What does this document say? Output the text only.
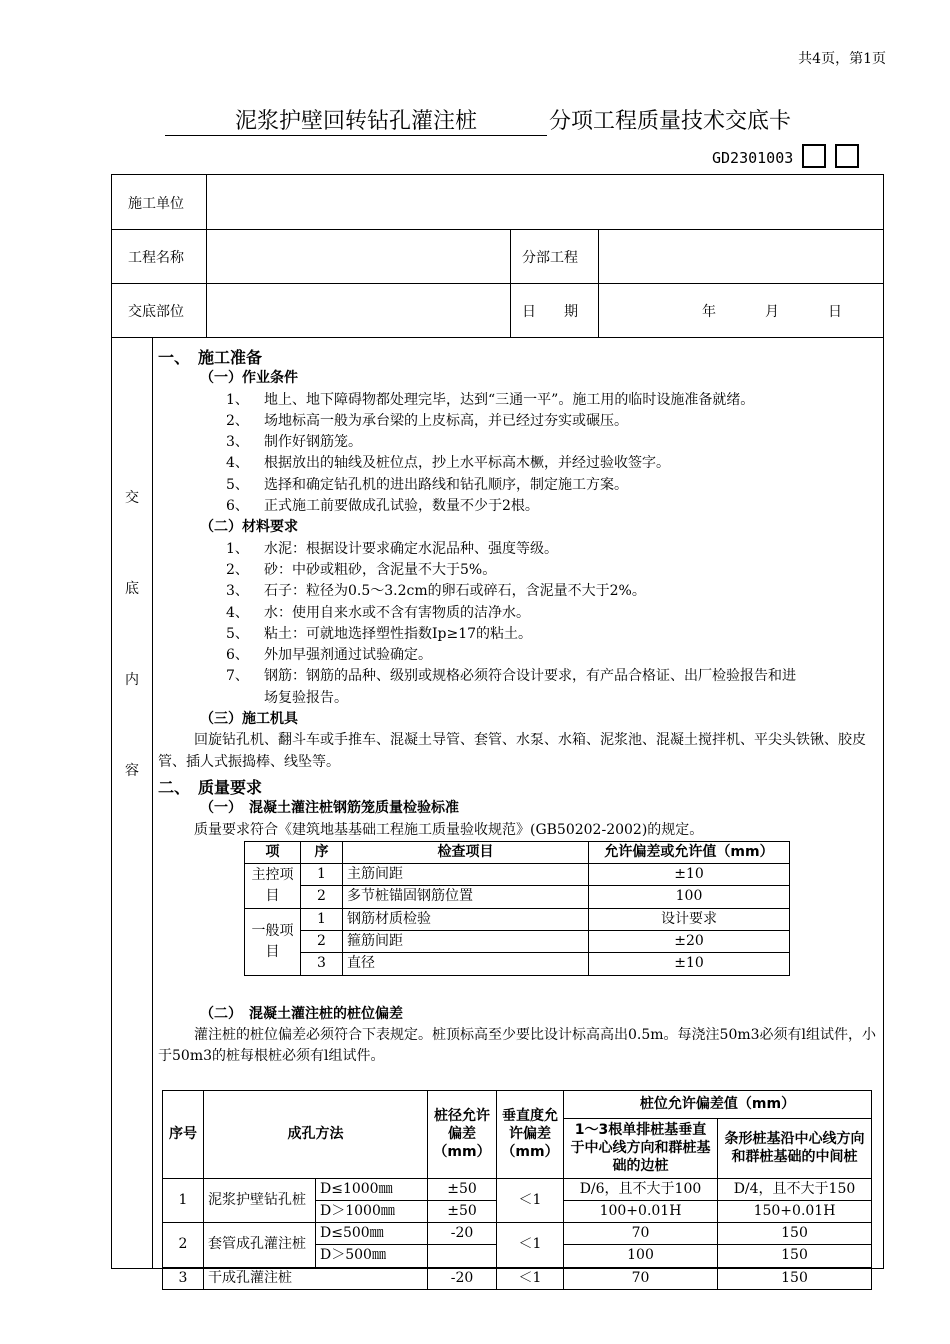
共4页，第1页
泥浆护壁回转钻孔灌注桩	分项工程质量技术交底卡
GD2301003
施工单位
工程名称	分部工程
交底部位	日　　期	年	月	日
交
底
内
容
一、　施工准备
（一）作业条件
1、 地上、地下障碍物都处理完毕，达到“三通一平”。施工用的临时设施准备就绪。
2、 场地标高一般为承台梁的上皮标高，并已经过夯实或碾压。
3、 制作好钢筋笼。
4、 根据放出的轴线及桩位点，抄上水平标高木橛，并经过验收签字。
5、 选择和确定钻孔机的进出路线和钻孔顺序，制定施工方案。
6、 正式施工前要做成孔试验，数量不少于2根。
（二）材料要求
1、 水泥：根据设计要求确定水泥品种、强度等级。
2、 砂：中砂或粗砂，含泥量不大于5%。
3、 石子：粒径为0.5～3.2cm的卵石或碎石，含泥量不大于2%。
4、 水：使用自来水或不含有害物质的洁净水。
5、 粘土：可就地选择塑性指数Ip≥17的粘土。
6、 外加早强剂通过试验确定。
7、 钢筋：钢筋的品种、级别或规格必须符合设计要求，有产品合格证、出厂检验报告和进
场复验报告。
（三）施工机具
回旋钻孔机、翻斗车或手推车、混凝土导管、套管、水泵、水箱、泥浆池、混凝土搅拌机、平尖头铁锹、胶皮管、插人式振捣棒、线坠等。
二、　质量要求
（一）　混凝土灌注桩钢筋笼质量检验标准
质量要求符合《建筑地基基础工程施工质量验收规范》(GB50202-2002)的规定。
项	序	检查项目	允许偏差或允许值（mm）
主控项目	1	主筋间距	±10
	2	多节桩锚固钢筋位置	100
一般项目	1	钢筋材质检验	设计要求
	2	箍筋间距	±20
	3	直径	±10
（二）　混凝土灌注桩的桩位偏差
灌注桩的桩位偏差必须符合下表规定。桩顶标高至少要比设计标高高出0.5m。每浇注50m3必须有l组试件，小于50m3的桩每根桩必须有l组试件。
序号	成孔方法		桩径允许偏差（mm）	垂直度允许偏差（mm）	桩位允许偏差值（mm）	
					1～3根单排桩基垂直于中心线方向和群桩基础的边桩	条形桩基沿中心线方向和群桩基础的中间桩
1	泥浆护壁钻孔桩	D≤1000㎜	±50	＜1	D/6，且不大于100	D/4，且不大于150
		D＞1000㎜	±50		100+0.01H	150+0.01H
2	套管成孔灌注桩	D≤500㎜	-20	＜1	70	150
		D＞500㎜			100	150
3	干成孔灌注桩		-20	＜1	70	150
